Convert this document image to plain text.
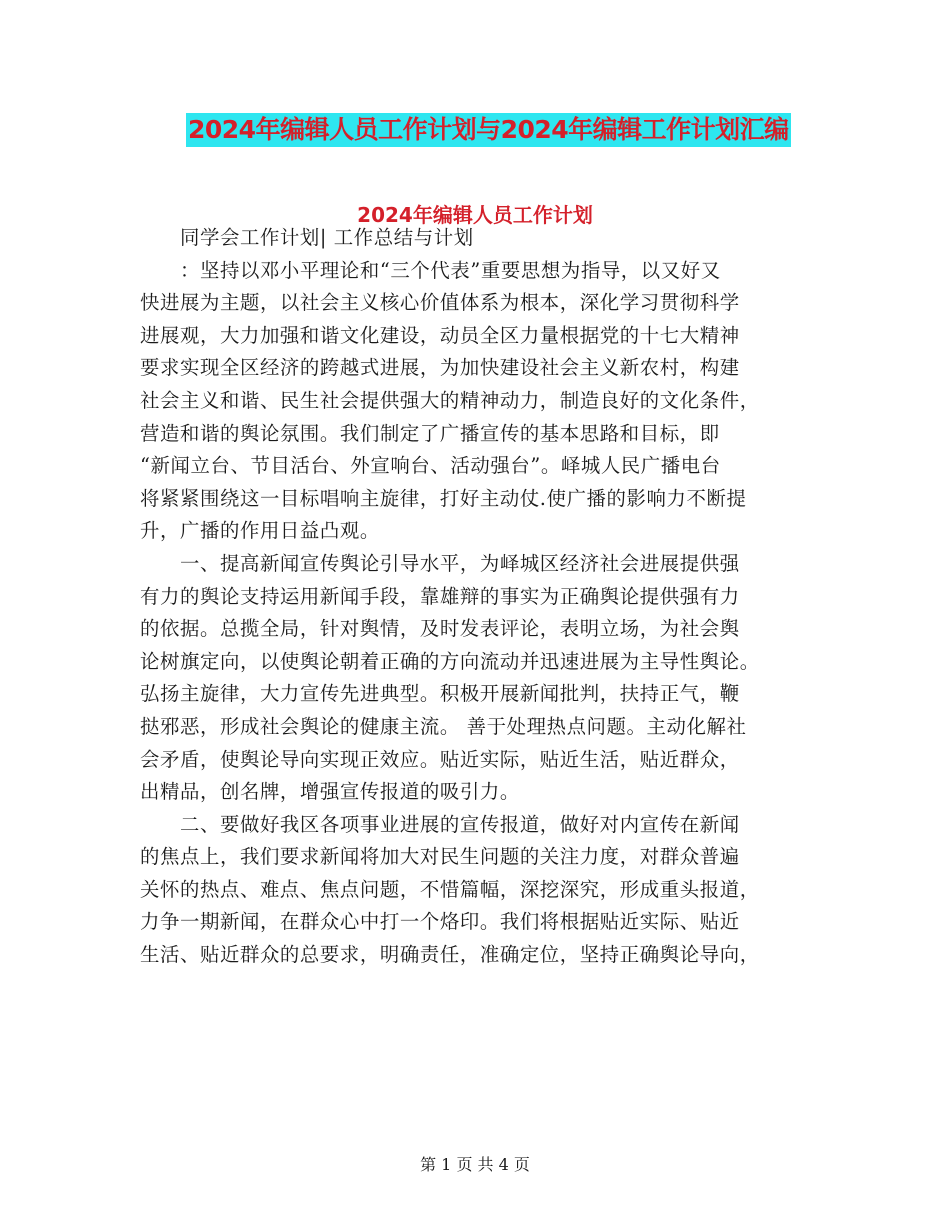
2024年编辑人员工作计划与2024年编辑工作计划汇编
2024年编辑人员工作计划
　　同学会工作计划| 工作总结与计划
　　：坚持以邓小平理论和“三个代表”重要思想为指导，以又好又
快进展为主题，以社会主义核心价值体系为根本，深化学习贯彻科学
进展观，大力加强和谐文化建设，动员全区力量根据党的十七大精神
要求实现全区经济的跨越式进展，为加快建设社会主义新农村，构建
社会主义和谐、民生社会提供强大的精神动力，制造良好的文化条件，
营造和谐的舆论氛围。我们制定了广播宣传的基本思路和目标，即
“新闻立台、节目活台、外宣响台、活动强台”。峄城人民广播电台
将紧紧围绕这一目标唱响主旋律，打好主动仗.使广播的影响力不断提
升，广播的作用日益凸观。
　　一、提高新闻宣传舆论引导水平，为峄城区经济社会进展提供强
有力的舆论支持运用新闻手段，靠雄辩的事实为正确舆论提供强有力
的依据。总揽全局，针对舆情，及时发表评论，表明立场，为社会舆
论树旗定向，以使舆论朝着正确的方向流动并迅速进展为主导性舆论。
弘扬主旋律，大力宣传先进典型。积极开展新闻批判，扶持正气，鞭
挞邪恶，形成社会舆论的健康主流。 善于处理热点问题。主动化解社
会矛盾，使舆论导向实现正效应。贴近实际，贴近生活，贴近群众，
出精品，创名牌，增强宣传报道的吸引力。
　　二、要做好我区各项事业进展的宣传报道，做好对内宣传在新闻
的焦点上，我们要求新闻将加大对民生问题的关注力度，对群众普遍
关怀的热点、难点、焦点问题，不惜篇幅，深挖深究，形成重头报道，
力争一期新闻，在群众心中打一个烙印。我们将根据贴近实际、贴近
生活、贴近群众的总要求，明确责任，准确定位，坚持正确舆论导向，
第 1 页 共 4 页
